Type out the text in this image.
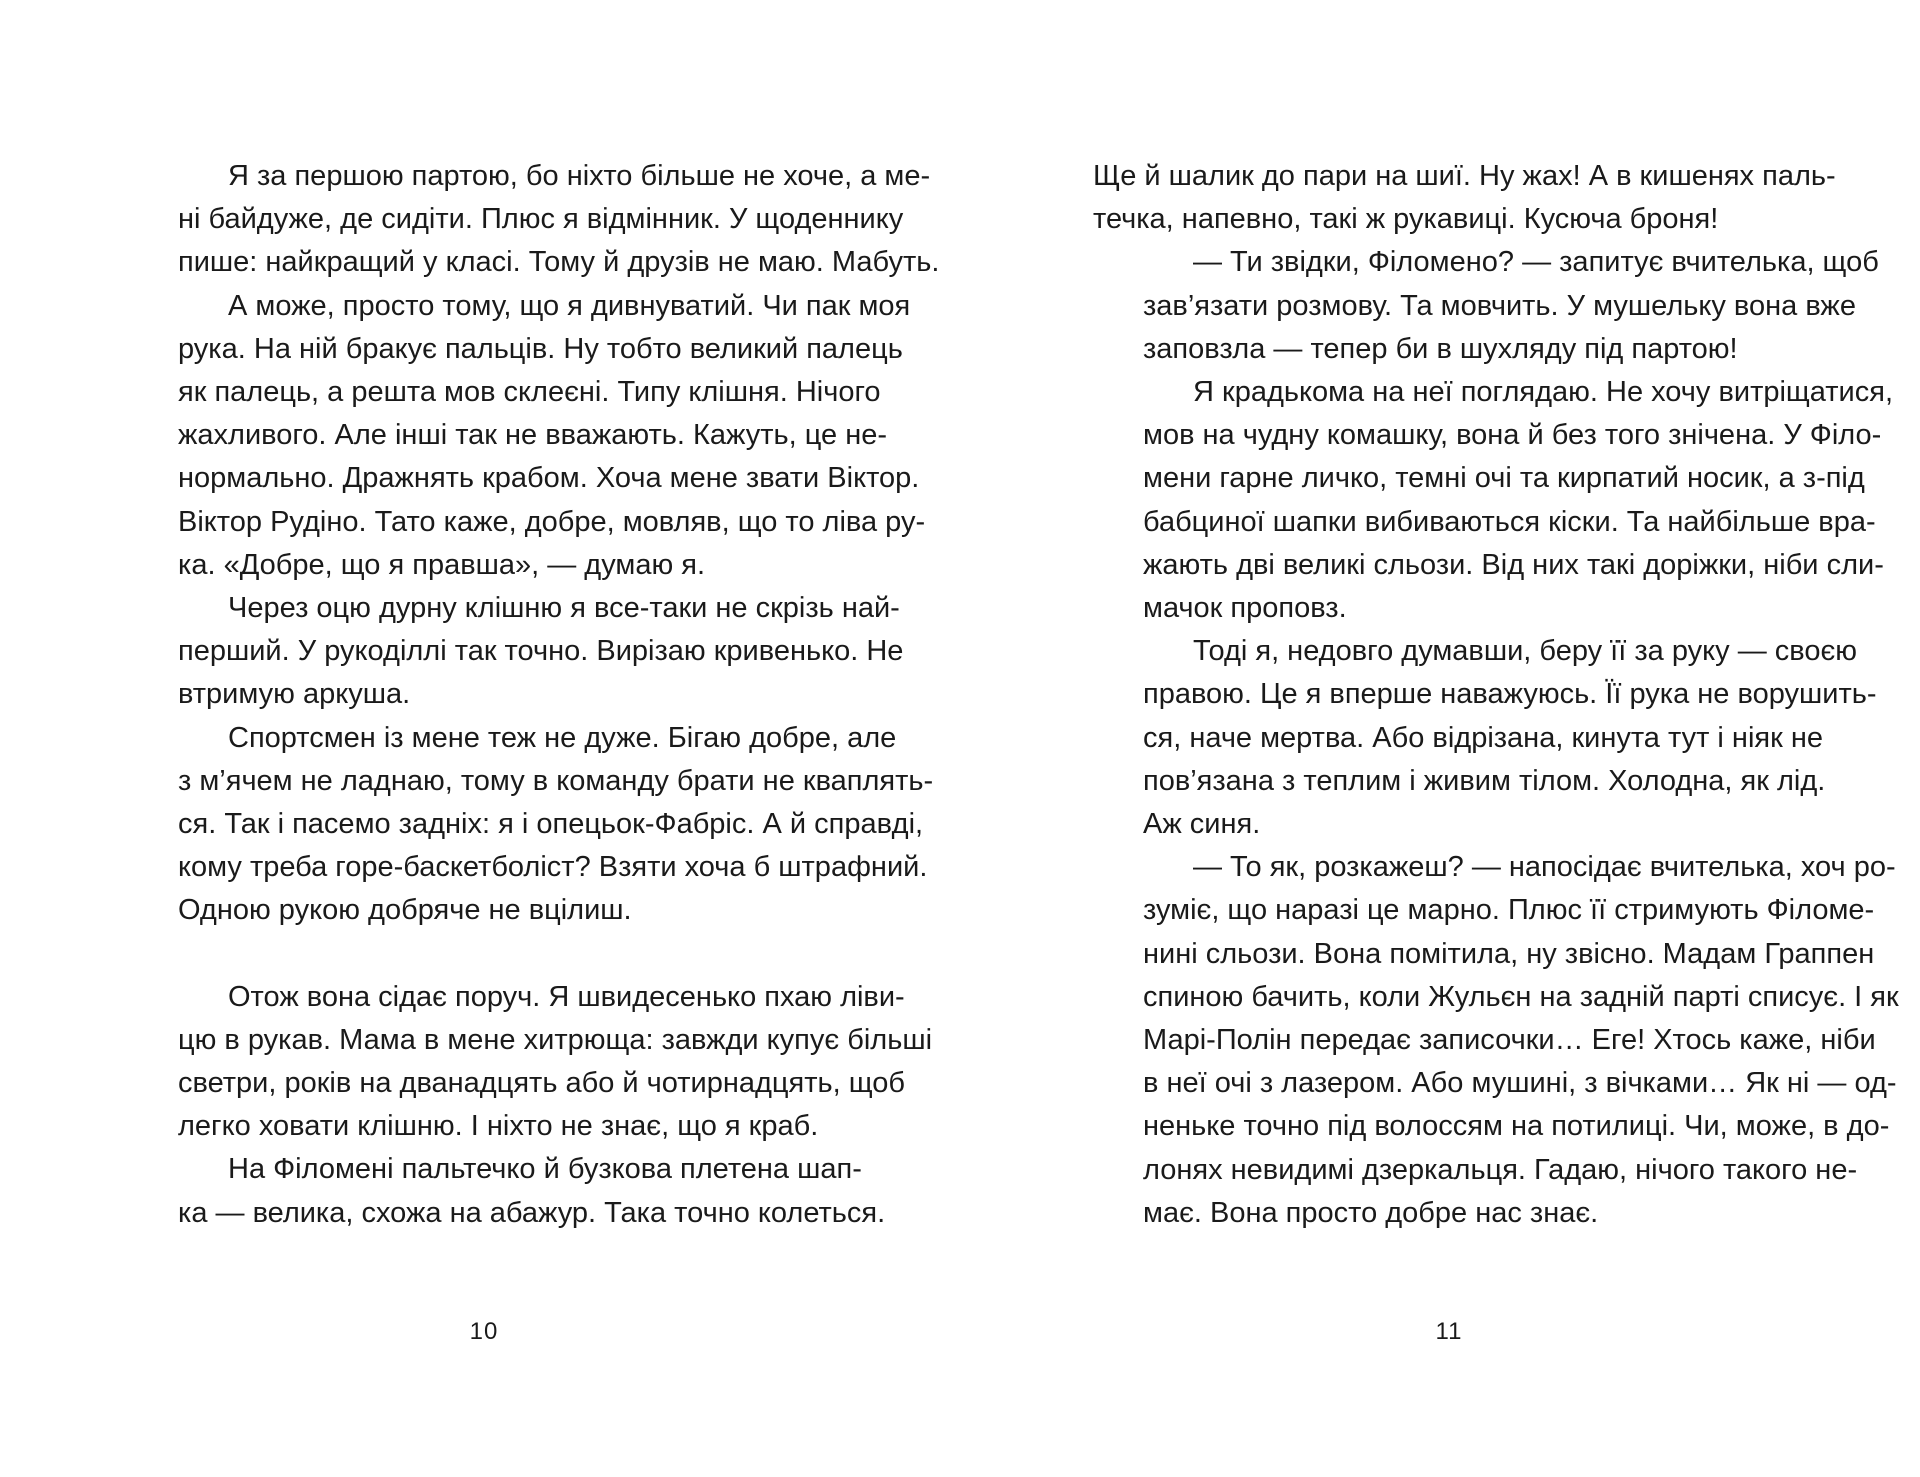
Я за першою партою, бо ніхто більше не хоче, а ме-
ні байдуже, де сидіти. Плюс я відмінник. У щоденнику
пише: найкращий у класі. Тому й друзів не маю. Мабуть.
А може, просто тому, що я дивнуватий. Чи пак моя
рука. На ній бракує пальців. Ну тобто великий палець
як палець, а решта мов склеєні. Типу клішня. Нічого
жахливого. Але інші так не вважають. Кажуть, це не-
нормально. Дражнять крабом. Хоча мене звати Віктор.
Віктор Рудіно. Тато каже, добре, мовляв, що то ліва ру-
ка. «Добре, що я правша», — думаю я.
Через оцю дурну клішню я все-таки не скрізь най-
перший. У рукоділлі так точно. Вирізаю кривенько. Не
втримую аркуша.
Спортсмен із мене теж не дуже. Бігаю добре, але
з м’ячем не ладнаю, тому в команду брати не кваплять-
ся. Так і пасемо задніх: я і опецьок-Фабріс. А й справді,
кому треба горе-баскетболіст? Взяти хоча б штрафний.
Одною рукою добряче не вцілиш.
Отож вона сідає поруч. Я швидесенько пхаю ліви-
цю в рукав. Мама в мене хитрюща: завжди купує більші
светри, років на дванадцять або й чотирнадцять, щоб
легко ховати клішню. І ніхто не знає, що я краб.
На Філомені пальтечко й бузкова плетена шап-
ка — велика, схожа на абажур. Така точно колеться.
Ще й шалик до пари на шиї. Ну жах! А в кишенях паль-
течка, напевно, такі ж рукавиці. Кусюча броня!
— Ти звідки, Філомено? — запитує вчителька, щоб
зав’язати розмову. Та мовчить. У мушельку вона вже
заповзла — тепер би в шухляду під партою!
Я крадькома на неї поглядаю. Не хочу витріщатися,
мов на чудну комашку, вона й без того знічена. У Філо-
мени гарне личко, темні очі та кирпатий носик, а з-під
бабциної шапки вибиваються кіски. Та найбільше вра-
жають дві великі сльози. Від них такі доріжки, ніби сли-
мачок проповз.
Тоді я, недовго думавши, беру її за руку — своєю
правою. Це я вперше наважуюсь. Її рука не ворушить-
ся, наче мертва. Або відрізана, кинута тут і ніяк не
пов’язана з теплим і живим тілом. Холодна, як лід.
Аж синя.
— То як, розкажеш? — напосідає вчителька, хоч ро-
зуміє, що наразі це марно. Плюс її стримують Філоме-
нині сльози. Вона помітила, ну звісно. Мадам Граппен
спиною бачить, коли Жульєн на задній парті списує. І як
Марі-Полін передає записочки… Еге! Хтось каже, ніби
в неї очі з лазером. Або мушині, з вічками… Як ні — од-
неньке точно під волоссям на потилиці. Чи, може, в до-
лонях невидимі дзеркальця. Гадаю, нічого такого не-
має. Вона просто добре нас знає.
10	11
